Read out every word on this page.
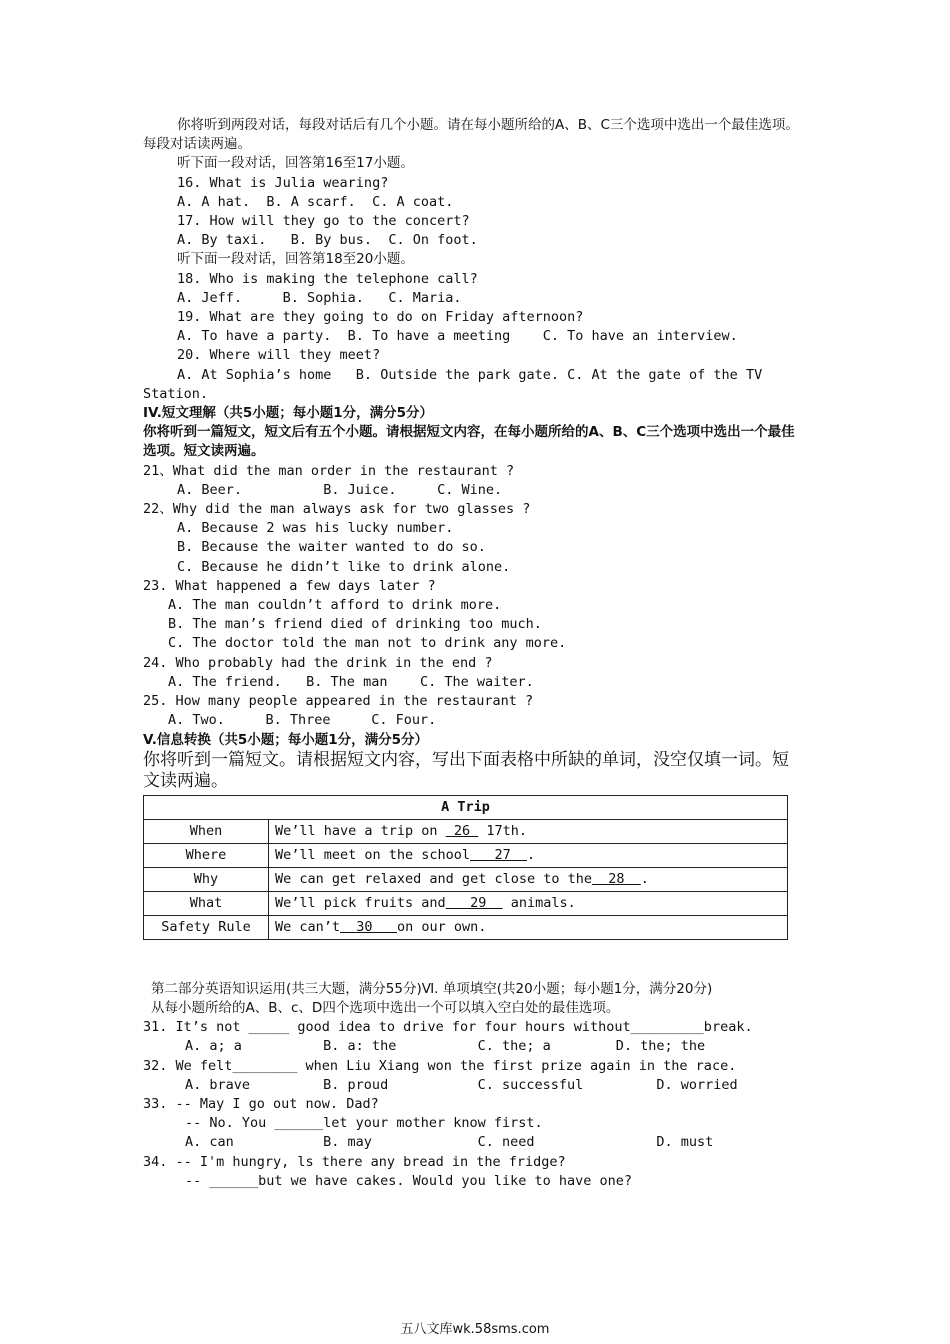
你将听到两段对话，每段对话后有几个小题。请在每小题所给的A、B、C三个选项中选出一个最佳选项。每段对话读两遍。
听下面一段对话，回答第16至17小题。
16. What is Julia wearing?
A. A hat.  B. A scarf.  C. A coat.
17. How will they go to the concert?
A. By taxi.   B. By bus.  C. On foot.
听下面一段对话，回答第18至20小题。
18. Who is making the telephone call?
A. Jeff.     B. Sophia.   C. Maria.
19. What are they going to do on Friday afternoon?
A. To have a party.  B. To have a meeting    C. To have an interview.
20. Where will they meet?
A. At Sophia’s home   B. Outside the park gate. C. At the gate of the TV
Station.
IV.短文理解（共5小题；每小题1分，满分5分）
你将听到一篇短文，短文后有五个小题。请根据短文内容，在每小题所给的A、B、C三个选项中选出一个最佳选项。短文读两遍。
21、What did the man order in the restaurant ?
A. Beer.          B. Juice.     C. Wine.
22、Why did the man always ask for two glasses ?
A. Because 2 was his lucky number.
B. Because the waiter wanted to do so.
C. Because he didn’t like to drink alone.
23. What happened a few days later ?
A. The man couldn’t afford to drink more.
B. The man’s friend died of drinking too much.
C. The doctor told the man not to drink any more.
24. Who probably had the drink in the end ?
A. The friend.   B. The man    C. The waiter.
25. How many people appeared in the restaurant ?
A. Two.     B. Three     C. Four.
V.信息转换（共5小题；每小题1分，满分5分）
你将听到一篇短文。请根据短文内容，写出下面表格中所缺的单词，没空仅填一词。短文读两遍。
A Trip	
When	We’ll have a trip on  26  17th.
Where	We’ll meet on the school   27  .
Why	We can get relaxed and get close to the  28  .
What	We’ll pick fruits and   29   animals.
Safety Rule	We can’t  30   on our own.
第二部分英语知识运用(共三大题，满分55分)Ⅵ. 单项填空(共20小题；每小题1分，满分20分)
从每小题所给的A、B、c、D四个选项中选出一个可以填入空白处的最佳选项。
31. It’s not _____ good idea to drive for four hours without_________break.
A. a; a          B. a: the          C. the; a        D. the; the
32. We felt________ when Liu Xiang won the first prize again in the race.
A. brave         B. proud           C. successful         D. worried
33. -- May I go out now. Dad?
-- No. You ______let your mother know first.
A. can           B. may             C. need               D. must
34. -- I'm hungry, ls there any bread in the fridge?
-- ______but we have cakes. Would you like to have one?
五八文库wk.58sms.com
